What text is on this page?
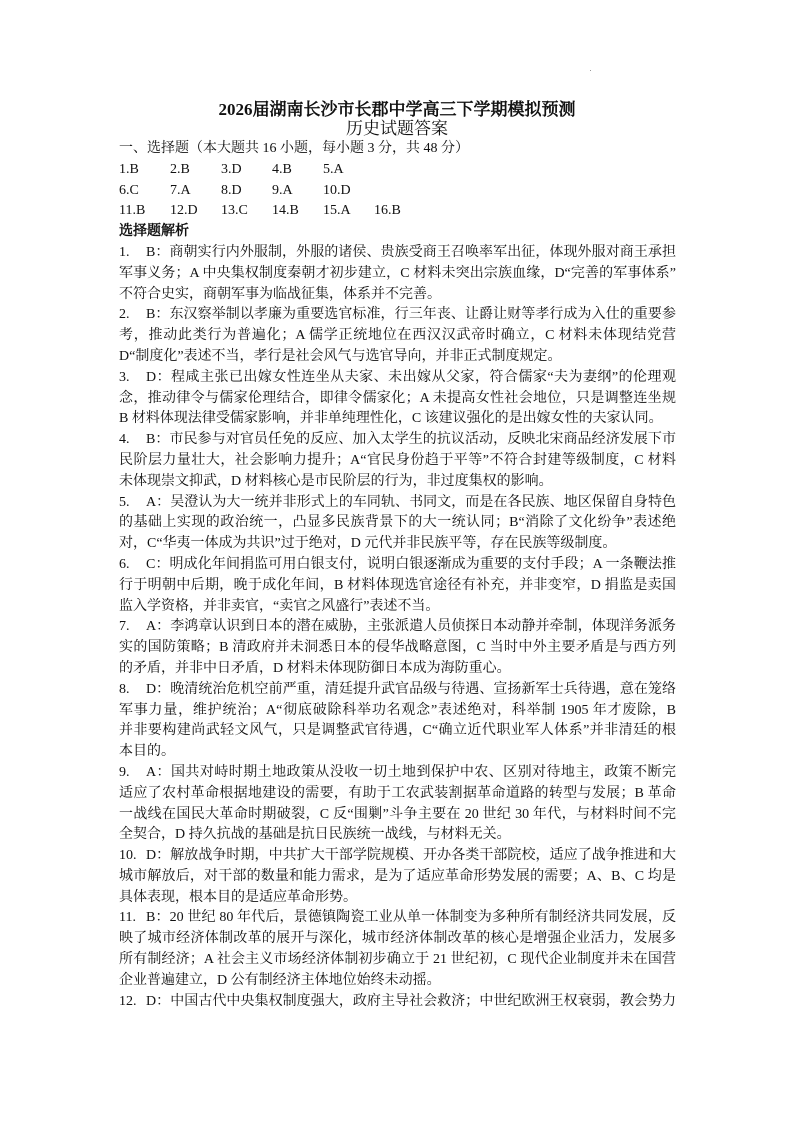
2026届湖南长沙市长郡中学高三下学期模拟预测
历史试题答案
一、选择题（本大题共 16 小题，每小题 3 分，共 48 分）
1.B	2.B	3.D	4.B	5.A
6.C	7.A	8.D	9.A	10.D
11.B	12.D	13.C	14.B	15.A	16.B
选择题解析
1.	B：商朝实行内外服制，外服的诸侯、贵族受商王召唤率军出征，体现外服对商王承担
军事义务；A 中央集权制度秦朝才初步建立，C 材料未突出宗族血缘，D“完善的军事体系”
不符合史实，商朝军事为临战征集，体系并不完善。
2.	B：东汉察举制以孝廉为重要选官标准，行三年丧、让爵让财等孝行成为入仕的重要参
考，推动此类行为普遍化；A 儒学正统地位在西汉汉武帝时确立，C 材料未体现结党营
D“制度化”表述不当，孝行是社会风气与选官导向，并非正式制度规定。
3.	D：程咸主张已出嫁女性连坐从夫家、未出嫁从父家，符合儒家“夫为妻纲”的伦理观
念，推动律令与儒家伦理结合，即律令儒家化；A 未提高女性社会地位，只是调整连坐规
B 材料体现法律受儒家影响，并非单纯理性化，C 该建议强化的是出嫁女性的夫家认同。
4.	B：市民参与对官员任免的反应、加入太学生的抗议活动，反映北宋商品经济发展下市
民阶层力量壮大，社会影响力提升；A“官民身份趋于平等”不符合封建等级制度，C 材料
未体现崇文抑武，D 材料核心是市民阶层的行为，非过度集权的影响。
5.	A：吴澄认为大一统并非形式上的车同轨、书同文，而是在各民族、地区保留自身特色
的基础上实现的政治统一，凸显多民族背景下的大一统认同；B“消除了文化纷争”表述绝
对，C“华夷一体成为共识”过于绝对，D 元代并非民族平等，存在民族等级制度。
6.	C：明成化年间捐监可用白银支付，说明白银逐渐成为重要的支付手段；A 一条鞭法推
行于明朝中后期，晚于成化年间，B 材料体现选官途径有补充，并非变窄，D 捐监是卖国
监入学资格，并非卖官，“卖官之风盛行”表述不当。
7.	A：李鸿章认识到日本的潜在威胁，主张派遣人员侦探日本动静并牵制，体现洋务派务
实的国防策略；B 清政府并未洞悉日本的侵华战略意图，C 当时中外主要矛盾是与西方列
的矛盾，并非中日矛盾，D 材料未体现防御日本成为海防重心。
8.	D：晚清统治危机空前严重，清廷提升武官品级与待遇、宣扬新军士兵待遇，意在笼络
军事力量，维护统治；A“彻底破除科举功名观念”表述绝对，科举制 1905 年才废除，B
并非要构建尚武轻文风气，只是调整武官待遇，C“确立近代职业军人体系”并非清廷的根
本目的。
9.	A：国共对峙时期土地政策从没收一切土地到保护中农、区别对待地主，政策不断完
适应了农村革命根据地建设的需要，有助于工农武装割据革命道路的转型与发展；B 革命
一战线在国民大革命时期破裂，C 反“围剿”斗争主要在 20 世纪 30 年代，与材料时间不完
全契合，D 持久抗战的基础是抗日民族统一战线，与材料无关。
10. D：解放战争时期，中共扩大干部学院规模、开办各类干部院校，适应了战争推进和大
城市解放后，对干部的数量和能力需求，是为了适应革命形势发展的需要；A、B、C 均是
具体表现，根本目的是适应革命形势。
11. B：20 世纪 80 年代后，景德镇陶瓷工业从单一体制变为多种所有制经济共同发展，反
映了城市经济体制改革的展开与深化，城市经济体制改革的核心是增强企业活力，发展多
所有制经济；A 社会主义市场经济体制初步确立于 21 世纪初，C 现代企业制度并未在国营
企业普遍建立，D 公有制经济主体地位始终未动摇。
12. D：中国古代中央集权制度强大，政府主导社会救济；中世纪欧洲王权衰弱，教会势力
